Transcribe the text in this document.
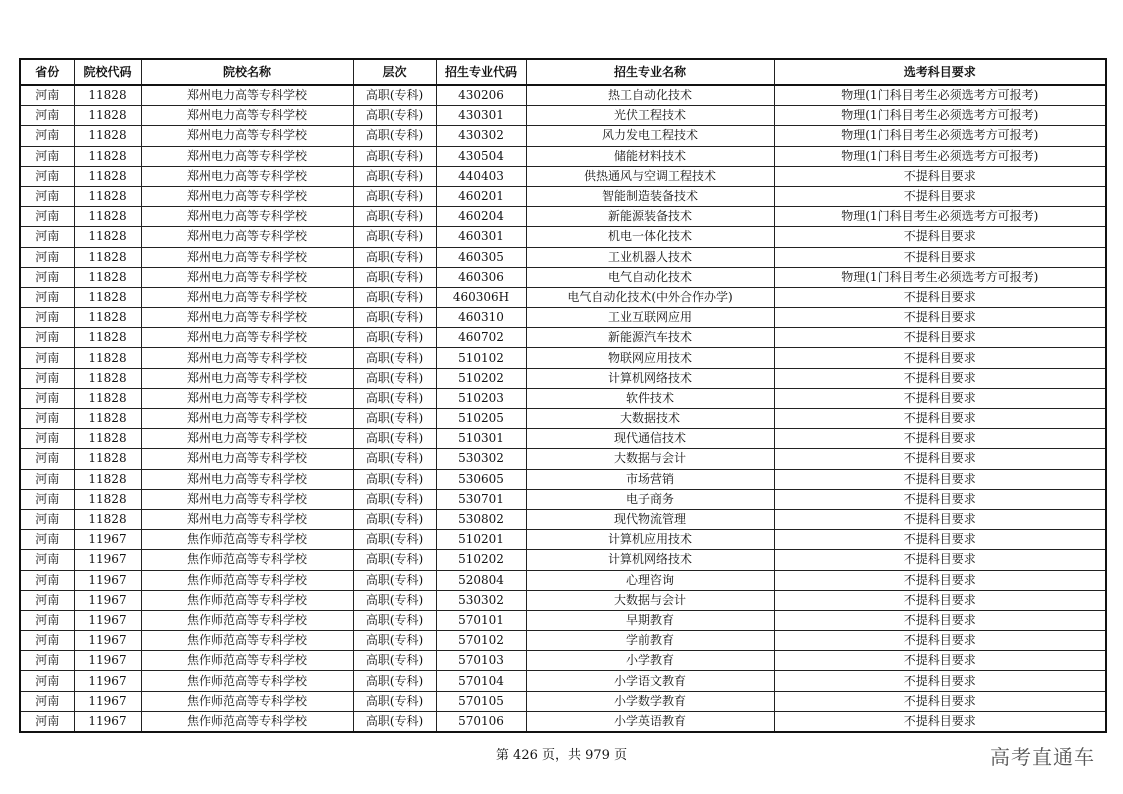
省份	院校代码	院校名称	层次	招生专业代码	招生专业名称	选考科目要求
河南	11828	郑州电力高等专科学校	高职(专科)	430206	热工自动化技术	物理(1门科目考生必须选考方可报考)
河南	11828	郑州电力高等专科学校	高职(专科)	430301	光伏工程技术	物理(1门科目考生必须选考方可报考)
河南	11828	郑州电力高等专科学校	高职(专科)	430302	风力发电工程技术	物理(1门科目考生必须选考方可报考)
河南	11828	郑州电力高等专科学校	高职(专科)	430504	储能材料技术	物理(1门科目考生必须选考方可报考)
河南	11828	郑州电力高等专科学校	高职(专科)	440403	供热通风与空调工程技术	不提科目要求
河南	11828	郑州电力高等专科学校	高职(专科)	460201	智能制造装备技术	不提科目要求
河南	11828	郑州电力高等专科学校	高职(专科)	460204	新能源装备技术	物理(1门科目考生必须选考方可报考)
河南	11828	郑州电力高等专科学校	高职(专科)	460301	机电一体化技术	不提科目要求
河南	11828	郑州电力高等专科学校	高职(专科)	460305	工业机器人技术	不提科目要求
河南	11828	郑州电力高等专科学校	高职(专科)	460306	电气自动化技术	物理(1门科目考生必须选考方可报考)
河南	11828	郑州电力高等专科学校	高职(专科)	460306H	电气自动化技术(中外合作办学)	不提科目要求
河南	11828	郑州电力高等专科学校	高职(专科)	460310	工业互联网应用	不提科目要求
河南	11828	郑州电力高等专科学校	高职(专科)	460702	新能源汽车技术	不提科目要求
河南	11828	郑州电力高等专科学校	高职(专科)	510102	物联网应用技术	不提科目要求
河南	11828	郑州电力高等专科学校	高职(专科)	510202	计算机网络技术	不提科目要求
河南	11828	郑州电力高等专科学校	高职(专科)	510203	软件技术	不提科目要求
河南	11828	郑州电力高等专科学校	高职(专科)	510205	大数据技术	不提科目要求
河南	11828	郑州电力高等专科学校	高职(专科)	510301	现代通信技术	不提科目要求
河南	11828	郑州电力高等专科学校	高职(专科)	530302	大数据与会计	不提科目要求
河南	11828	郑州电力高等专科学校	高职(专科)	530605	市场营销	不提科目要求
河南	11828	郑州电力高等专科学校	高职(专科)	530701	电子商务	不提科目要求
河南	11828	郑州电力高等专科学校	高职(专科)	530802	现代物流管理	不提科目要求
河南	11967	焦作师范高等专科学校	高职(专科)	510201	计算机应用技术	不提科目要求
河南	11967	焦作师范高等专科学校	高职(专科)	510202	计算机网络技术	不提科目要求
河南	11967	焦作师范高等专科学校	高职(专科)	520804	心理咨询	不提科目要求
河南	11967	焦作师范高等专科学校	高职(专科)	530302	大数据与会计	不提科目要求
河南	11967	焦作师范高等专科学校	高职(专科)	570101	早期教育	不提科目要求
河南	11967	焦作师范高等专科学校	高职(专科)	570102	学前教育	不提科目要求
河南	11967	焦作师范高等专科学校	高职(专科)	570103	小学教育	不提科目要求
河南	11967	焦作师范高等专科学校	高职(专科)	570104	小学语文教育	不提科目要求
河南	11967	焦作师范高等专科学校	高职(专科)	570105	小学数学教育	不提科目要求
河南	11967	焦作师范高等专科学校	高职(专科)	570106	小学英语教育	不提科目要求
第 426 页，共 979 页	高考直通车
